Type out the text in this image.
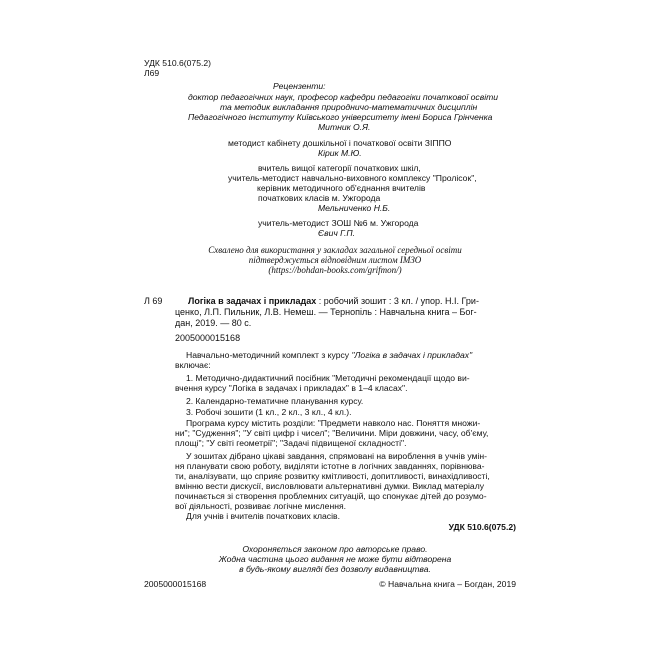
УДК 510.6(075.2)
Л69
Рецензенти:
доктор педагогічних наук, професор кафедри педагогіки початкової освіти
та методик викладання природничо-математичних дисциплін
Педагогічного інституту Київського університету імені Бориса Грінченка
Митник О.Я.
методист кабінету дошкільної і початкової освіти ЗІППО
Кірик М.Ю.
вчитель вищої категорії початкових шкіл,
учитель-методист навчально-виховного комплексу "Пролісок",
керівник методичного об'єднання вчителів
початкових класів м. Ужгорода
Мельниченко Н.Б.
учитель-методист ЗОШ №6 м. Ужгорода
Євич Г.П.
Схвалено для використання у закладах загальної середньої освіти
підтверджується відповідним листом ІМЗО
(https://bohdan-books.com/grifmon/)
Л 69	Логіка в задачах і прикладах : робочий зошит : 3 кл. / упор. Н.І. Гри-
ценко, Л.П. Пильник, Л.В. Немеш. — Тернопіль : Навчальна книга – Бог-
дан, 2019. — 80 с.
2005000015168
Навчально-методичний комплект з курсу "Логіка в задачах і прикладах"
включає:
1. Методично-дидактичний посібник "Методичні рекомендації щодо ви-
вчення курсу "Логіка в задачах і прикладах" в 1–4 класах".
2. Календарно-тематичне планування курсу.
3. Робочі зошити (1 кл., 2 кл., 3 кл., 4 кл.).
Програма курсу містить розділи: "Предмети навколо нас. Поняття множи-
ни"; "Судження"; "У світі цифр і чисел"; "Величини. Міри довжини, часу, об'єму,
площі"; "У світі геометрії"; "Задачі підвищеної складності".
У зошитах дібрано цікаві завдання, спрямовані на вироблення в учнів умін-
ня планувати свою роботу, виділяти істотне в логічних завданнях, порівнюва-
ти, аналізувати, що сприяє розвитку кмітливості, допитливості, винахідливості,
вмінню вести дискусії, висловлювати альтернативні думки. Виклад матеріалу
починається зі створення проблемних ситуацій, що спонукає дітей до розумо-
вої діяльності, розвиває логічне мислення.
Для учнів і вчителів початкових класів.
УДК 510.6(075.2)
Охороняється законом про авторське право.
Жодна частина цього видання не може бути відтворена
в будь-якому вигляді без дозволу видавництва.
2005000015168	© Навчальна книга – Богдан, 2019
